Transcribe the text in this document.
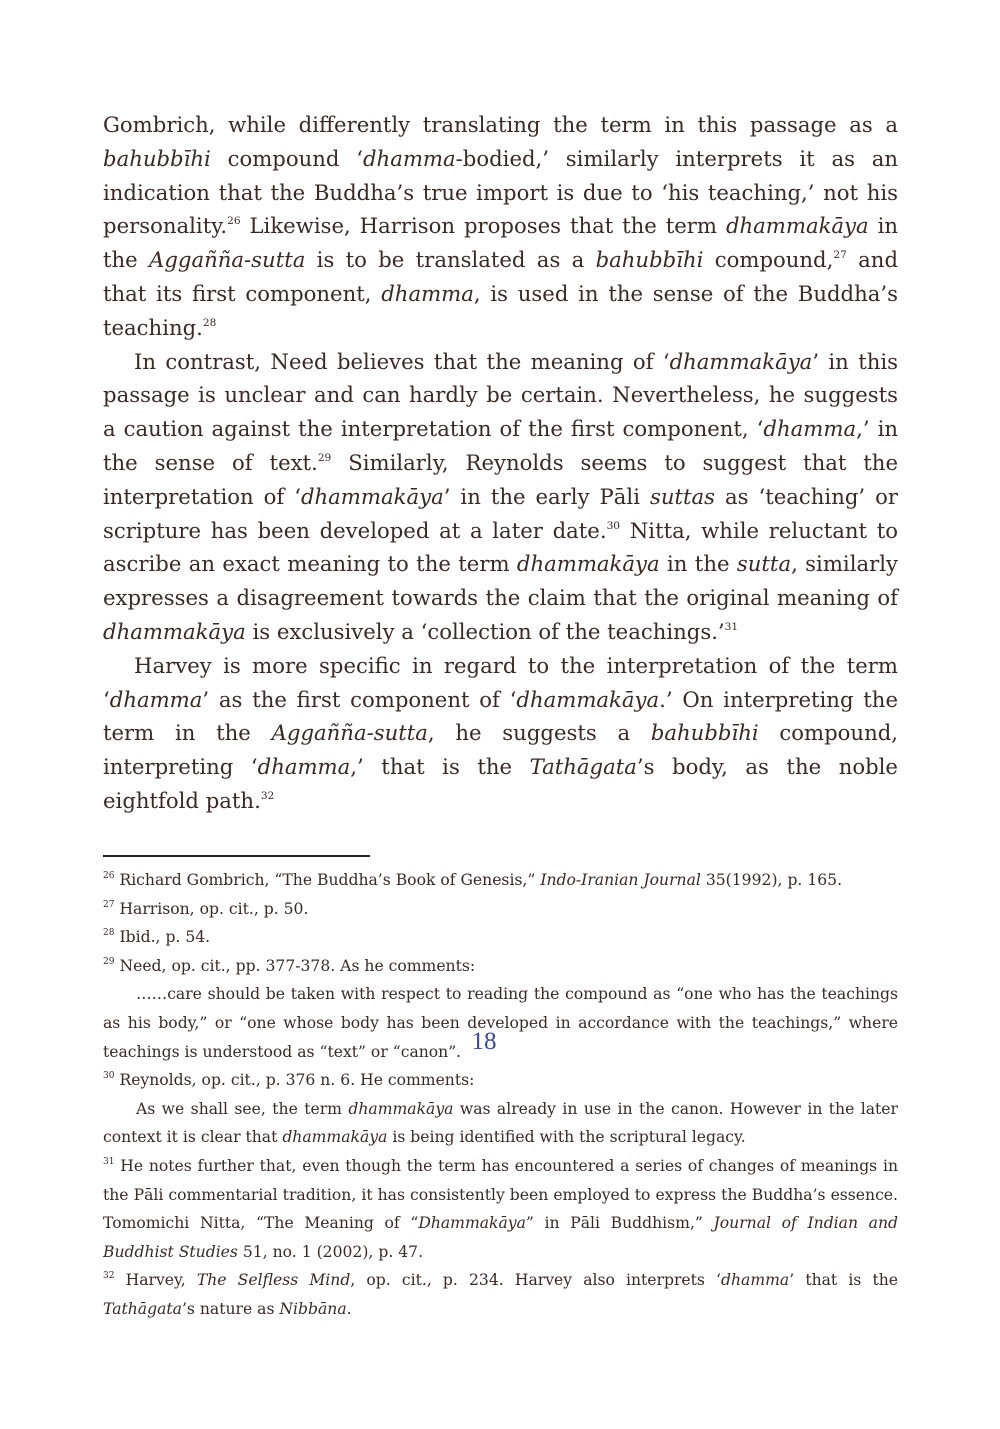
Gombrich, while differently translating the term in this passage as a bahubbīhi compound ‘dhamma-bodied,’ similarly interprets it as an indication that the Buddha’s true import is due to ‘his teaching,’ not his personality.$^{26}$ Likewise, Harrison proposes that the term dhammakāya in the Aggañña-sutta is to be translated as a bahubbīhi compound,$^{27}$ and that its first component, dhamma, is used in the sense of the Buddha’s teaching.$^{28}$

In contrast, Need believes that the meaning of ‘dhammakāya’ in this passage is unclear and can hardly be certain. Nevertheless, he suggests a caution against the interpretation of the first component, ‘dhamma,’ in the sense of text.$^{29}$ Similarly, Reynolds seems to suggest that the interpretation of ‘dhammakāya’ in the early Pāli suttas as ‘teaching’ or scripture has been developed at a later date.$^{30}$ Nitta, while reluctant to ascribe an exact meaning to the term dhammakāya in the sutta, similarly expresses a disagreement towards the claim that the original meaning of dhammakāya is exclusively a ‘collection of the teachings.’$^{31}$

Harvey is more specific in regard to the interpretation of the term ‘dhamma’ as the first component of ‘dhammakāya.’ On interpreting the term in the Aggañña-sutta, he suggests a bahubbīhi compound, interpreting ‘dhamma,’ that is the Tathāgata’s body, as the noble eightfold path.$^{32}$

$^{26}$ Richard Gombrich, “The Buddha’s Book of Genesis,” Indo-Iranian Journal 35(1992), p. 165.

$^{27}$ Harrison, op. cit., p. 50.

$^{28}$ Ibid., p. 54.

$^{29}$ Need, op. cit., pp. 377-378. As he comments:

……care should be taken with respect to reading the compound as “one who has the teachings as his body,” or “one whose body has been developed in accordance with the teachings,” where teachings is understood as “text” or “canon”.

$^{30}$ Reynolds, op. cit., p. 376 n. 6. He comments:

As we shall see, the term dhammakāya was already in use in the canon. However in the later context it is clear that dhammakāya is being identified with the scriptural legacy.

$^{31}$ He notes further that, even though the term has encountered a series of changes of meanings in the Pāli commentarial tradition, it has consistently been employed to express the Buddha’s essence. Tomomichi Nitta, “The Meaning of “Dhammakāya” in Pāli Buddhism,” Journal of Indian and Buddhist Studies 51, no. 1 (2002), p. 47.

$^{32}$ Harvey, The Selfless Mind, op. cit., p. 234. Harvey also interprets ‘dhamma’ that is the Tathāgata’s nature as Nibbāna.

18
